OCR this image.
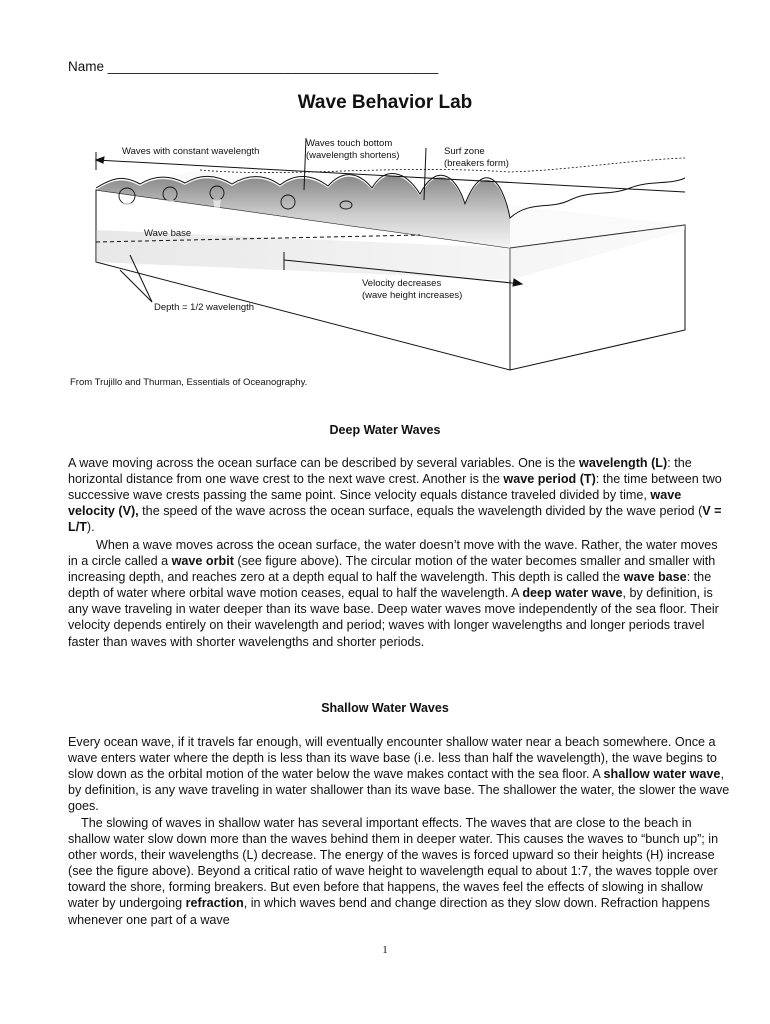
Name ____________________________________________
Wave Behavior Lab
Waves with constant wavelength
Waves touch bottom
(wavelength shortens)	Surf zone
(breakers form)
Wave base
Velocity decreases
(wave height increases)
Depth = 1/2 wavelength
From Trujillo and Thurman, Essentials of Oceanography.
Deep Water Waves

A wave moving across the ocean surface can be described by several variables. One is the wavelength (L): the horizontal distance from one wave crest to the next wave crest. Another is the wave period (T): the time between two successive wave crests passing the same point. Since velocity equals distance traveled divided by time, wave velocity (V), the speed of the wave across the ocean surface, equals the wavelength divided by the wave period (V = L/T).

When a wave moves across the ocean surface, the water doesn’t move with the wave. Rather, the water moves in a circle called a wave orbit (see figure above). The circular motion of the water becomes smaller and smaller with increasing depth, and reaches zero at a depth equal to half the wavelength. This depth is called the wave base: the depth of water where orbital wave motion ceases, equal to half the wavelength. A deep water wave, by definition, is any wave traveling in water deeper than its wave base. Deep water waves move independently of the sea floor. Their velocity depends entirely on their wavelength and period; waves with longer wavelengths and longer periods travel faster than waves with shorter wavelengths and shorter periods.

Shallow Water Waves

Every ocean wave, if it travels far enough, will eventually encounter shallow water near a beach somewhere. Once a wave enters water where the depth is less than its wave base (i.e. less than half the wavelength), the wave begins to slow down as the orbital motion of the water below the wave makes contact with the sea floor. A shallow water wave, by definition, is any wave traveling in water shallower than its wave base. The shallower the water, the slower the wave goes.

The slowing of waves in shallow water has several important effects. The waves that are close to the beach in shallow water slow down more than the waves behind them in deeper water. This causes the waves to “bunch up”; in other words, their wavelengths (L) decrease. The energy of the waves is forced upward so their heights (H) increase (see the figure above). Beyond a critical ratio of wave height to wavelength equal to about 1:7, the waves topple over toward the shore, forming breakers. But even before that happens, the waves feel the effects of slowing in shallow water by undergoing refraction, in which waves bend and change direction as they slow down. Refraction happens whenever one part of a wave

1
